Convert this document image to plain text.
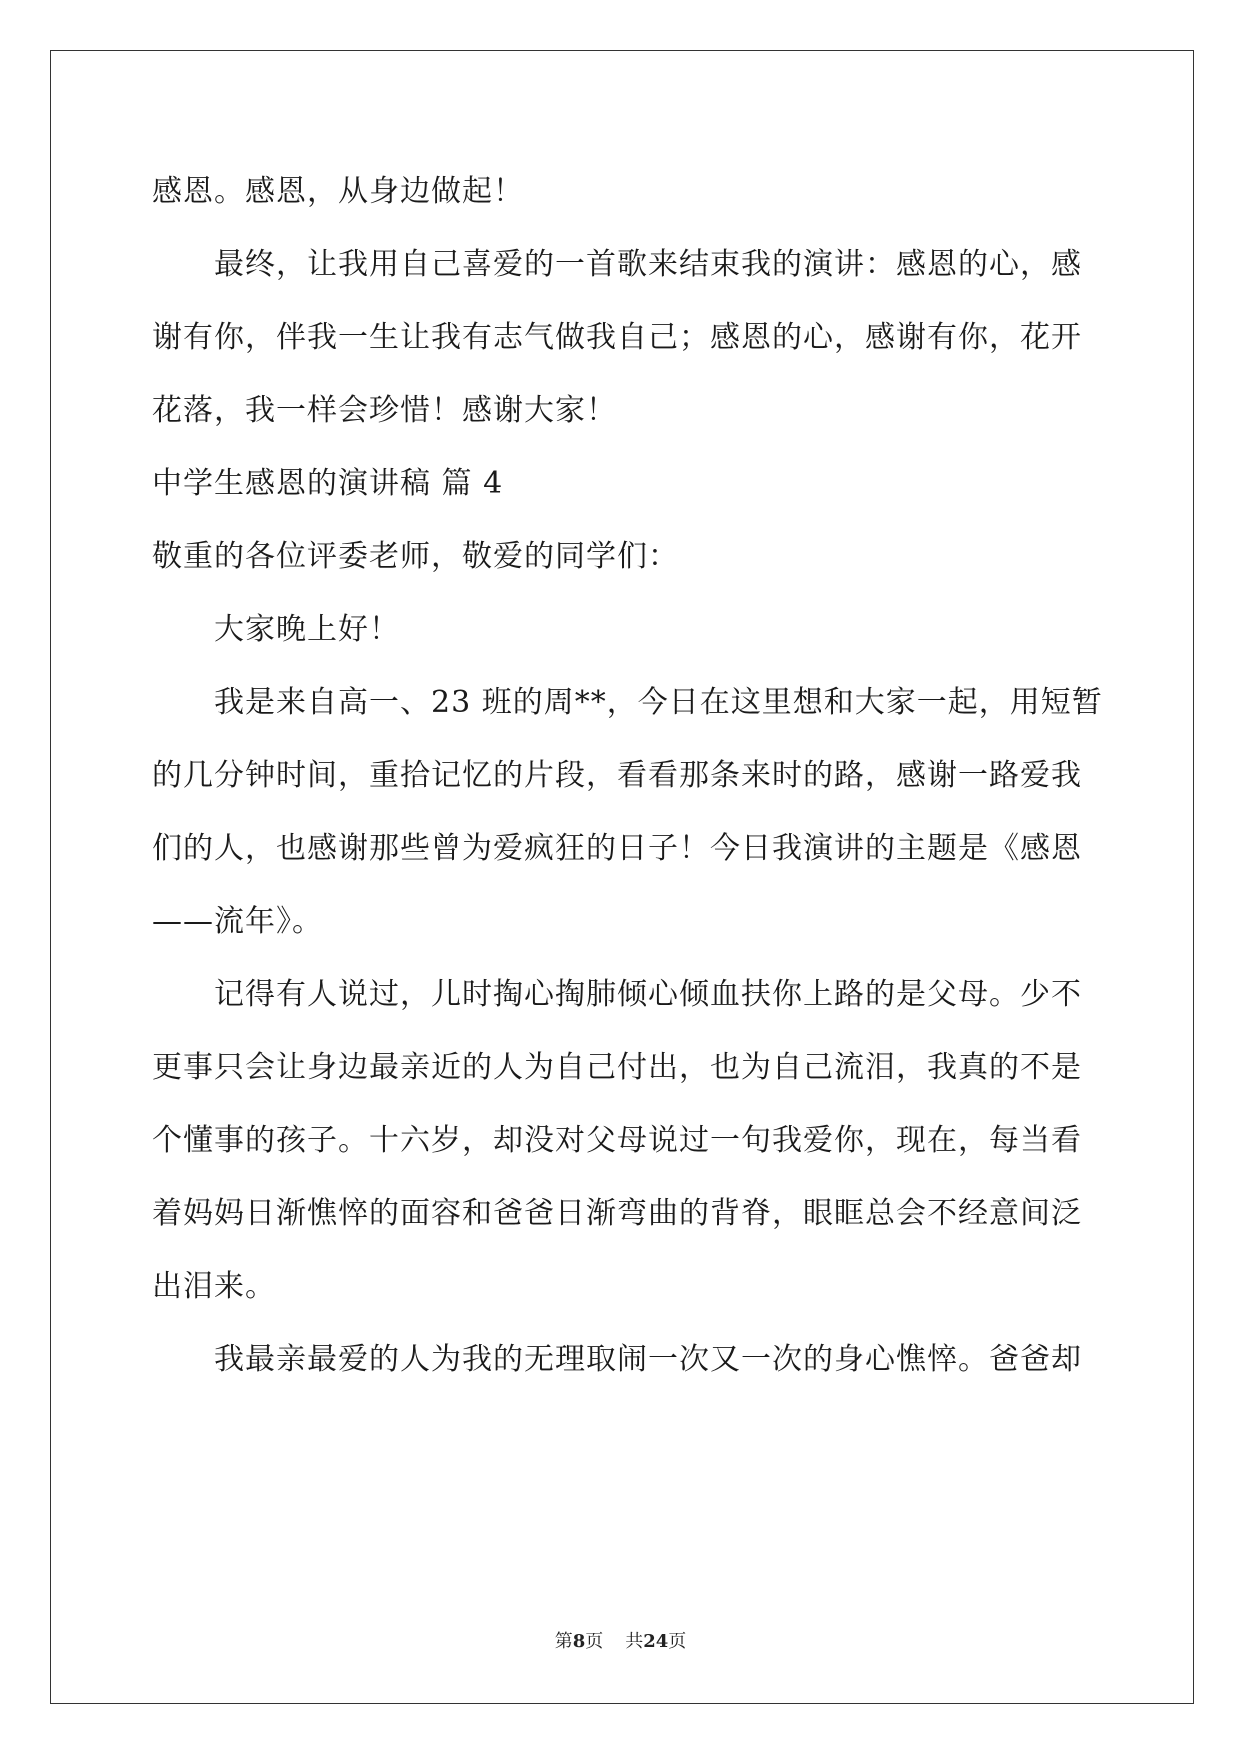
感恩。感恩，从身边做起！
最终，让我用自己喜爱的一首歌来结束我的演讲：感恩的心，感
谢有你，伴我一生让我有志气做我自己；感恩的心，感谢有你，花开
花落，我一样会珍惜！感谢大家！
中学生感恩的演讲稿 篇 4
敬重的各位评委老师，敬爱的同学们：
大家晚上好！
我是来自高一、23 班的周**，今日在这里想和大家一起，用短暂
的几分钟时间，重拾记忆的片段，看看那条来时的路，感谢一路爱我
们的人，也感谢那些曾为爱疯狂的日子！今日我演讲的主题是《感恩
——流年》。
记得有人说过，儿时掏心掏肺倾心倾血扶你上路的是父母。少不
更事只会让身边最亲近的人为自己付出，也为自己流泪，我真的不是
个懂事的孩子。十六岁，却没对父母说过一句我爱你，现在，每当看
着妈妈日渐憔悴的面容和爸爸日渐弯曲的背脊，眼眶总会不经意间泛
出泪来。
我最亲最爱的人为我的无理取闹一次又一次的身心憔悴。爸爸却
第8页 共24页
